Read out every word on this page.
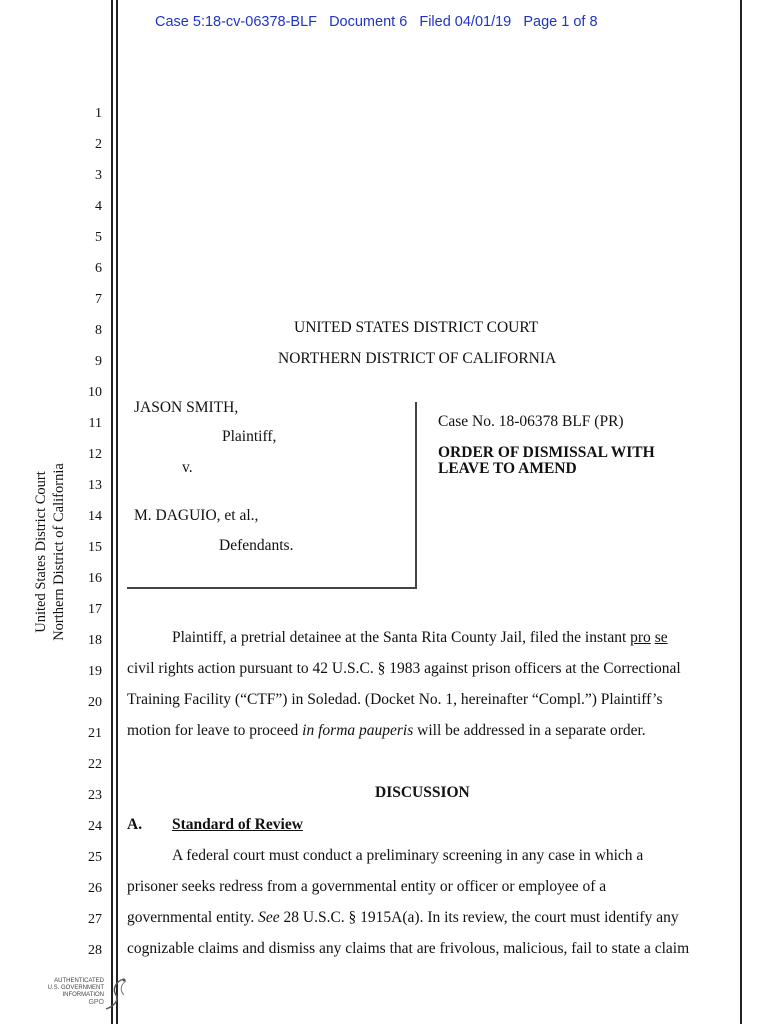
Case 5:18-cv-06378-BLF   Document 6   Filed 04/01/19   Page 1 of 8
1
2
3
4
5
6
7
8
9
10
11
12
13
14
15
16
17
18
19
20
21
22
23
24
25
26
27
28
United States District Court Northern District of California
UNITED STATES DISTRICT COURT
NORTHERN DISTRICT OF CALIFORNIA
JASON SMITH,
Plaintiff,
v.
M. DAGUIO, et al.,
Defendants.
Case No. 18-06378 BLF (PR)
ORDER OF DISMISSAL WITH
LEAVE TO AMEND
Plaintiff, a pretrial detainee at the Santa Rita County Jail, filed the instant pro se
civil rights action pursuant to 42 U.S.C. § 1983 against prison officers at the Correctional
Training Facility (“CTF”) in Soledad. (Docket No. 1, hereinafter “Compl.”) Plaintiff’s
motion for leave to proceed in forma pauperis will be addressed in a separate order.
DISCUSSION
A. Standard of Review
A federal court must conduct a preliminary screening in any case in which a
prisoner seeks redress from a governmental entity or officer or employee of a
governmental entity. See 28 U.S.C. § 1915A(a). In its review, the court must identify any
cognizable claims and dismiss any claims that are frivolous, malicious, fail to state a claim
AUTHENTICATED
U.S. GOVERNMENT
INFORMATION
GPO
